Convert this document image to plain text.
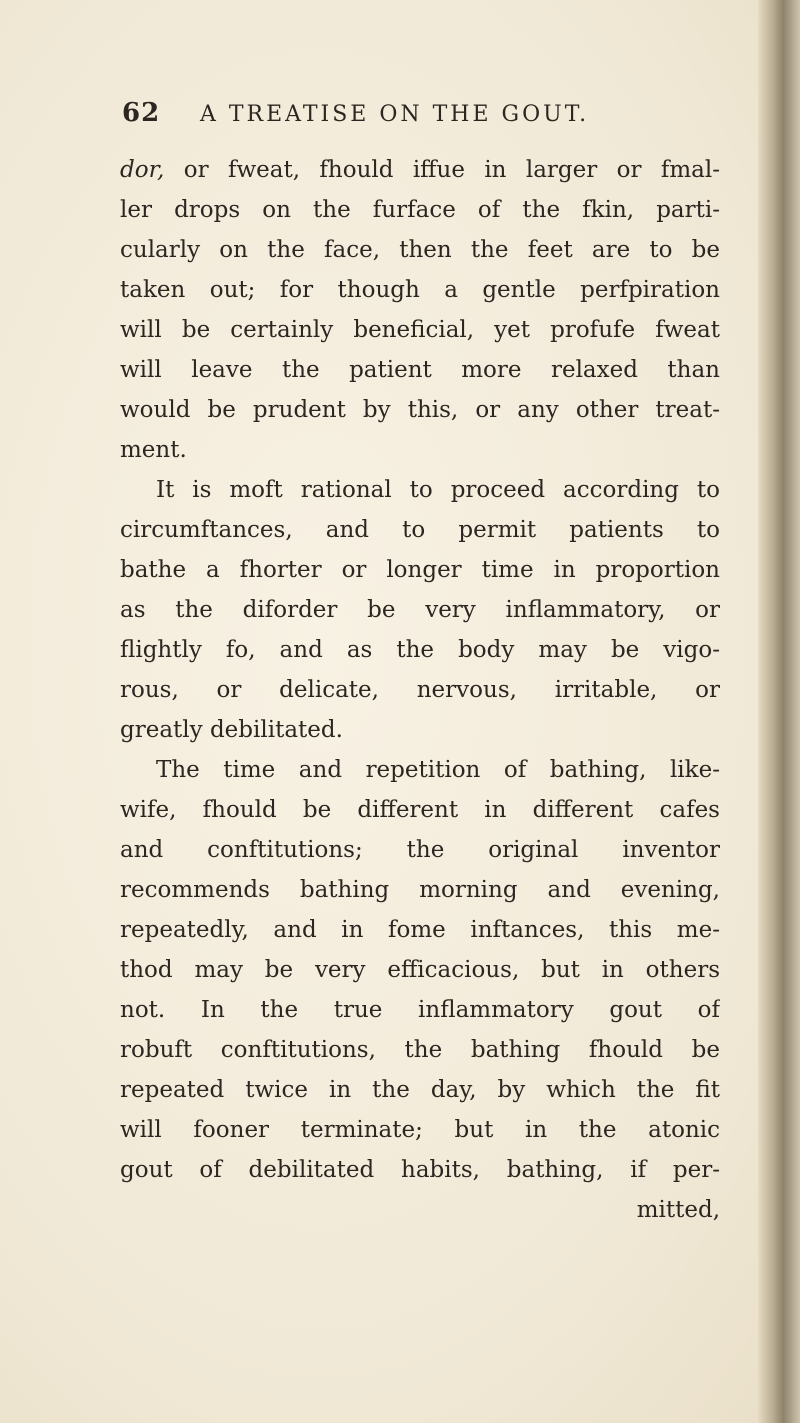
62	A TREATISE ON THE GOUT.
dor, or fweat, fhould iffue in larger or fmal-
ler drops on the furface of the fkin, parti-
cularly on the face, then the feet are to be
taken out; for though a gentle perfpiration
will be certainly beneficial, yet profufe fweat
will leave the patient more relaxed than
would be prudent by this, or any other treat-
ment.
It is moft rational to proceed according to
circumftances, and to permit patients to
bathe a fhorter or longer time in proportion
as the diforder be very inflammatory, or
flightly fo, and as the body may be vigo-
rous, or delicate, nervous, irritable, or
greatly debilitated.
The time and repetition of bathing, like-
wife, fhould be different in different cafes
and conftitutions; the original inventor
recommends bathing morning and evening,
repeatedly, and in fome inftances, this me-
thod may be very efficacious, but in others
not. In the true inflammatory gout of
robuft conftitutions, the bathing fhould be
repeated twice in the day, by which the fit
will fooner terminate; but in the atonic
gout of debilitated habits, bathing, if per-
mitted,
